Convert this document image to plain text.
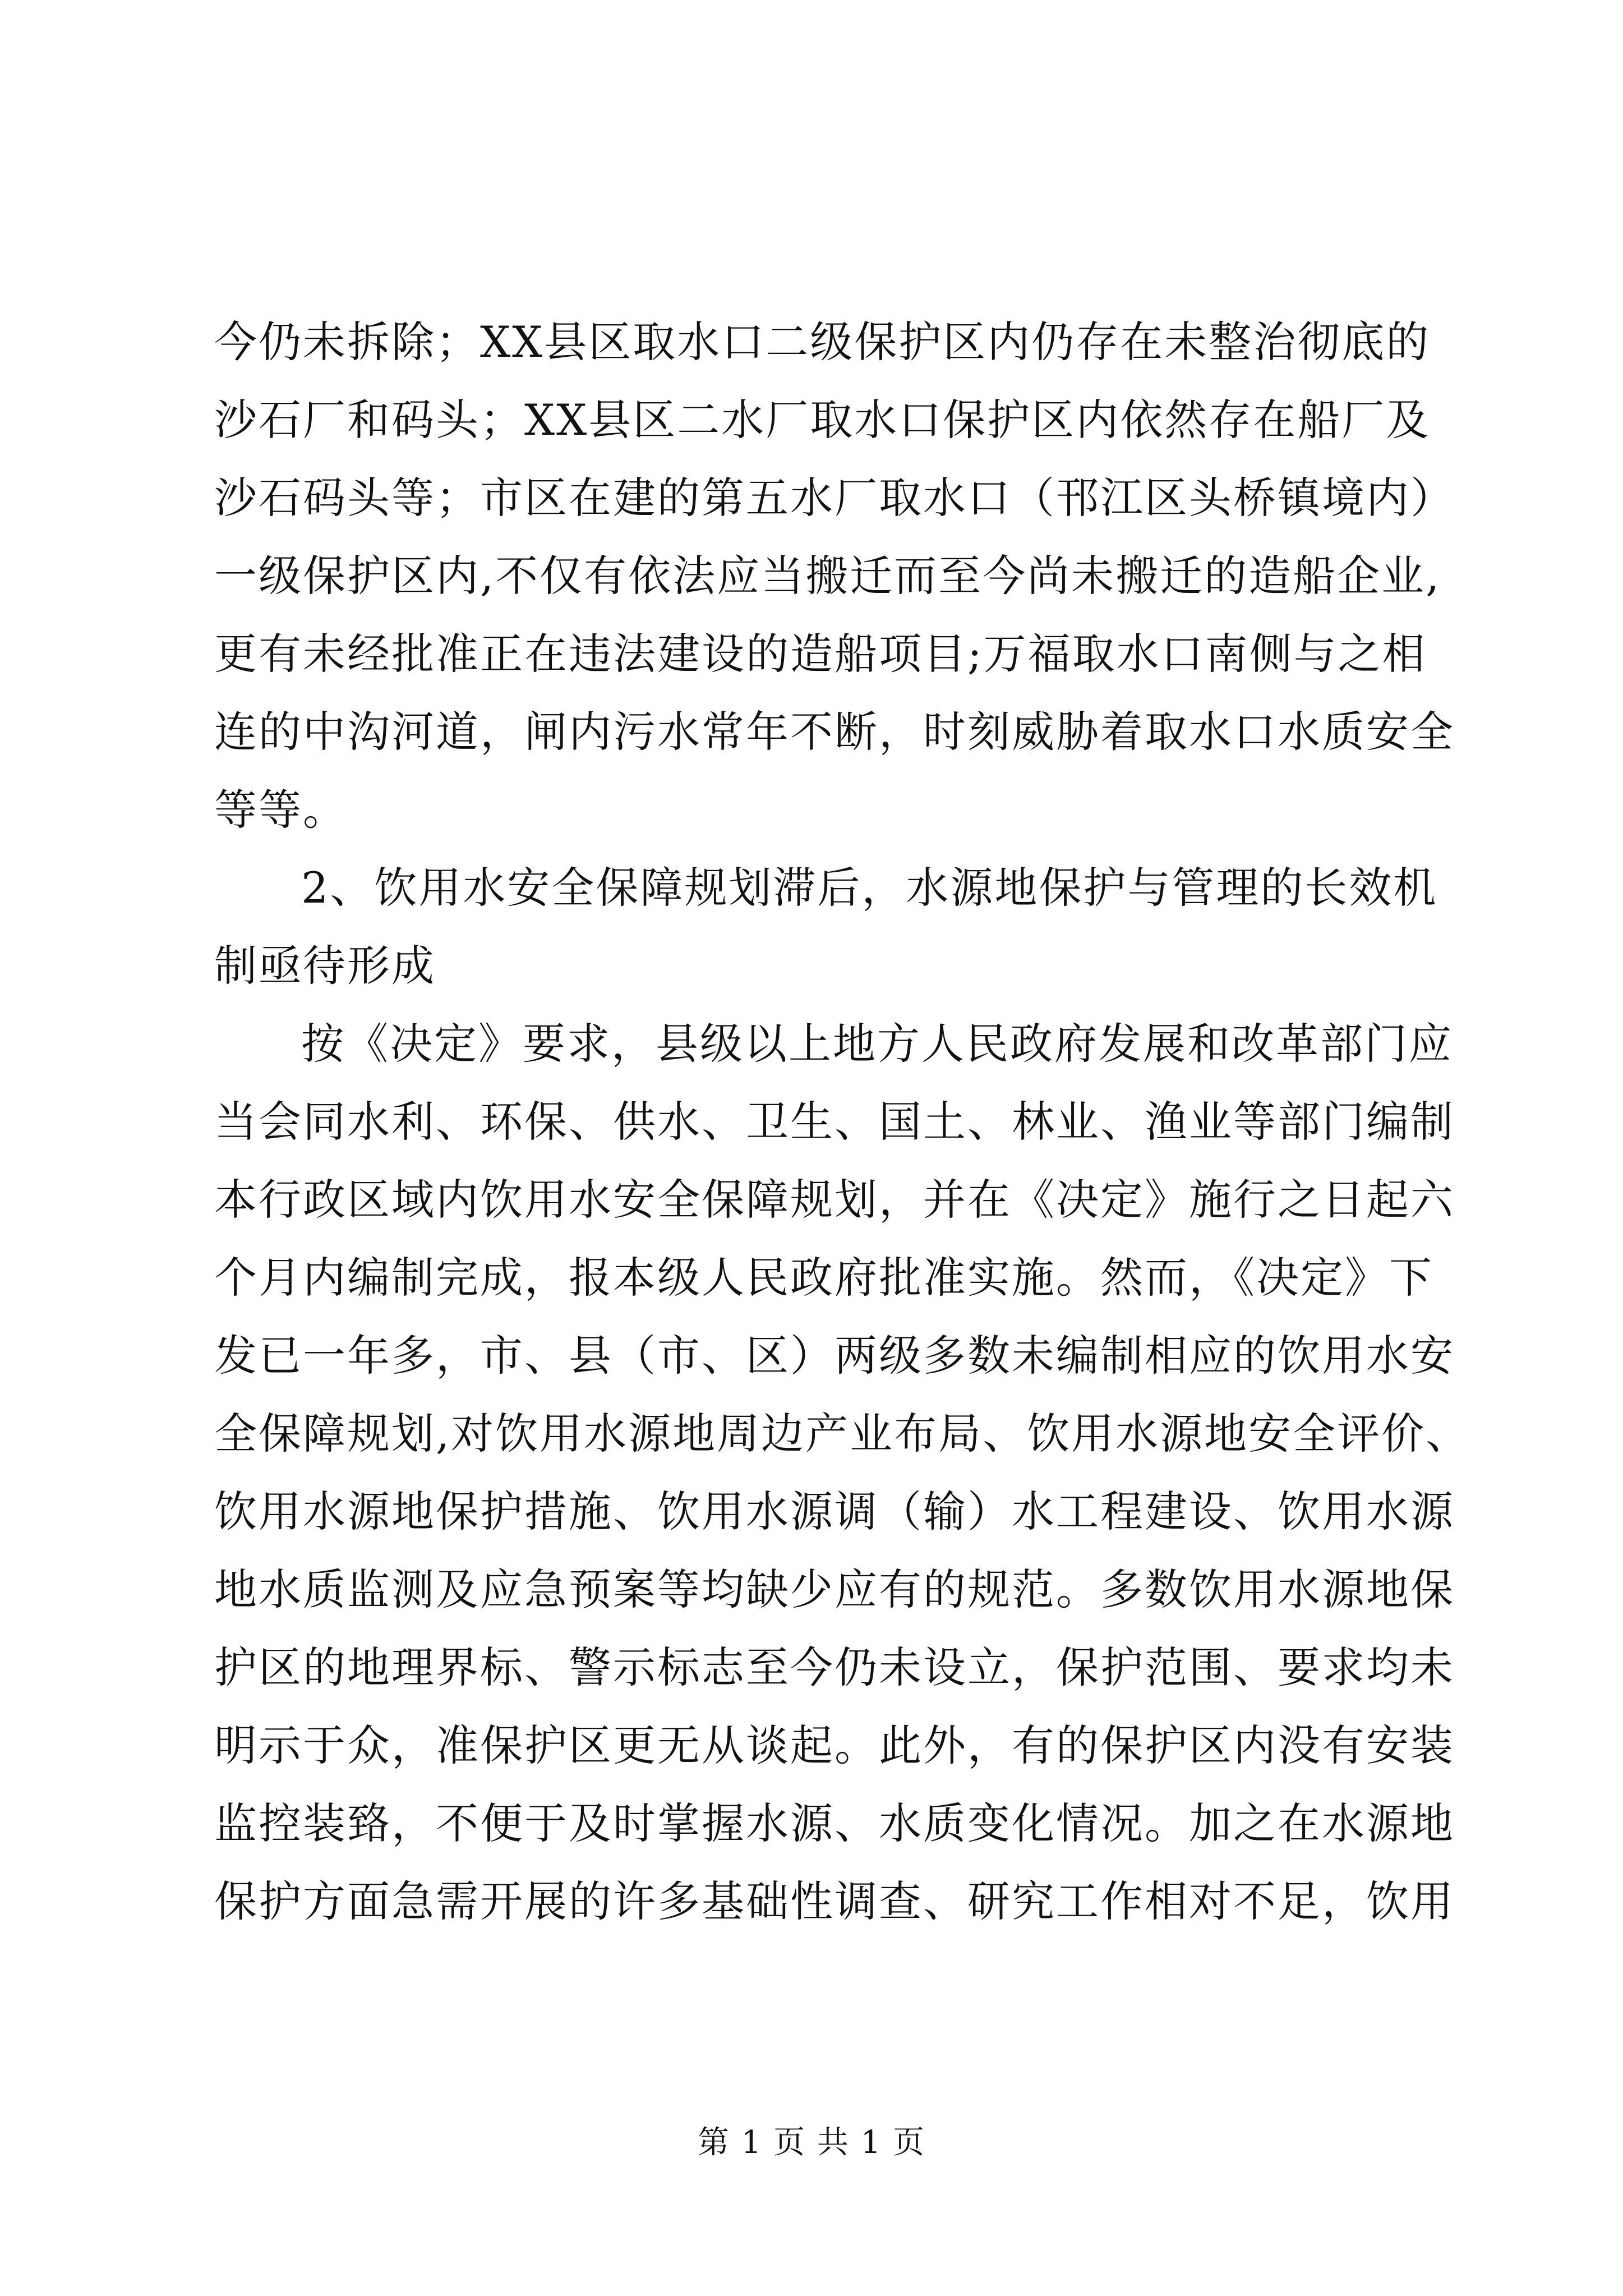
今仍未拆除；XX县区取水口二级保护区内仍存在未整治彻底的
沙石厂和码头；XX县区二水厂取水口保护区内依然存在船厂及
沙石码头等；市区在建的第五水厂取水口（邗江区头桥镇境内）
一级保护区内,不仅有依法应当搬迁而至今尚未搬迁的造船企业,
更有未经批准正在违法建设的造船项目;万福取水口南侧与之相
连的中沟河道，闸内污水常年不断，时刻威胁着取水口水质安全
等等。
2、饮用水安全保障规划滞后，水源地保护与管理的长效机
制亟待形成
按《决定》要求，县级以上地方人民政府发展和改革部门应
当会同水利、环保、供水、卫生、国土、林业、渔业等部门编制
本行政区域内饮用水安全保障规划，并在《决定》施行之日起六
个月内编制完成，报本级人民政府批准实施。然而，《决定》下
发已一年多，市、县（市、区）两级多数未编制相应的饮用水安
全保障规划,对饮用水源地周边产业布局、饮用水源地安全评价、
饮用水源地保护措施、饮用水源调（输）水工程建设、饮用水源
地水质监测及应急预案等均缺少应有的规范。多数饮用水源地保
护区的地理界标、警示标志至今仍未设立，保护范围、要求均未
明示于众，准保护区更无从谈起。此外，有的保护区内没有安装
监控装臵，不便于及时掌握水源、水质变化情况。加之在水源地
保护方面急需开展的许多基础性调查、研究工作相对不足，饮用
第 1 页 共 1 页
